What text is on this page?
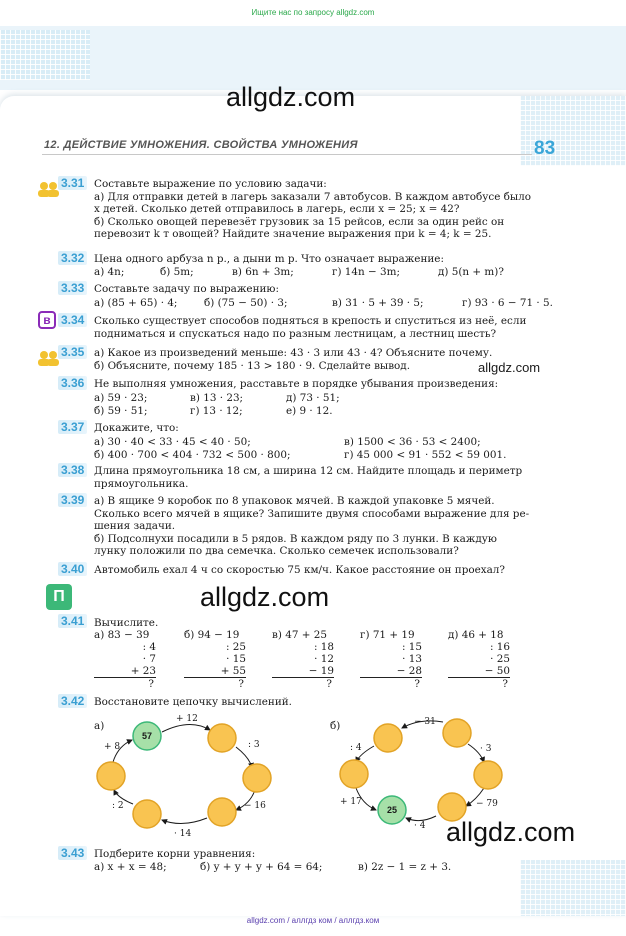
Ищите нас по запросу allgdz.com
allgdz.com
12. ДЕЙСТВИЕ УМНОЖЕНИЯ. СВОЙСТВА УМНОЖЕНИЯ	83
3.31 Составьте выражение по условию задачи:
а) Для отправки детей в лагерь заказали 7 автобусов. В каждом автобусе было
x детей. Сколько детей отправилось в лагерь, если x = 25; x = 42?
б) Сколько овощей перевезёт грузовик за 15 рейсов, если за один рейс он
перевозит k т овощей? Найдите значение выражения при k = 4; k = 25.
3.32 Цена одного арбуза n р., а дыни m р. Что означает выражение:
а) 4n;	б) 5m;	в) 6n + 3m;	г) 14n − 3m;	д) 5(n + m)?
3.33 Составьте задачу по выражению:
а) (85 + 65) · 4;	б) (75 − 50) · 3;	в) 31 · 5 + 39 · 5;	г) 93 · 6 − 71 · 5.
в 3.34 Сколько существует способов подняться в крепость и спуститься из неё, если
подниматься и спускаться надо по разным лестницам, а лестниц шесть?
3.35 а) Какое из произведений меньше: 43 · 3 или 43 · 4? Объясните почему.
б) Объясните, почему 185 · 13 > 180 · 9. Сделайте вывод.	allgdz.com
3.36 Не выполняя умножения, расставьте в порядке убывания произведения:
а) 59 · 23;	в) 13 · 23;	д) 73 · 51;
б) 59 · 51;	г) 13 · 12;	е) 9 · 12.
3.37 Докажите, что:
а) 30 · 40 < 33 · 45 < 40 · 50;	в) 1500 < 36 · 53 < 2400;
б) 400 · 700 < 404 · 732 < 500 · 800;	г) 45 000 < 91 · 552 < 59 001.
3.38 Длина прямоугольника 18 см, а ширина 12 см. Найдите площадь и периметр
прямоугольника.
3.39 а) В ящике 9 коробок по 8 упаковок мячей. В каждой упаковке 5 мячей.
Сколько всего мячей в ящике? Запишите двумя способами выражение для ре-
шения задачи.
б) Подсолнухи посадили в 5 рядов. В каждом ряду по 3 лунки. В каждую
лунку положили по два семечка. Сколько семечек использовали?
3.40 Автомобиль ехал 4 ч со скоростью 75 км/ч. Какое расстояние он проехал?
П	allgdz.com
3.41 Вычислите.
а) 83 − 39
: 4
· 7
+ 23
?
б) 94 − 19
: 25
· 15
+ 55
?
в) 47 + 25
: 18
· 12
− 19
?
г) 71 + 19
: 15
· 13
− 28
?
д) 46 + 18
: 16
· 25
− 50
?
3.42 Восстановите цепочку вычислений.
а)	б)
57
+ 12
: 3
− 16
· 14
: 2
+ 8
25
− 31
· 3
− 79
· 4
+ 17
: 4
allgdz.com
3.43 Подберите корни уравнения:
а) x + x = 48;	б) y + y + y + 64 = 64;	в) 2z − 1 = z + 3.
allgdz.com / аллгдз ком / аллгдз.ком
